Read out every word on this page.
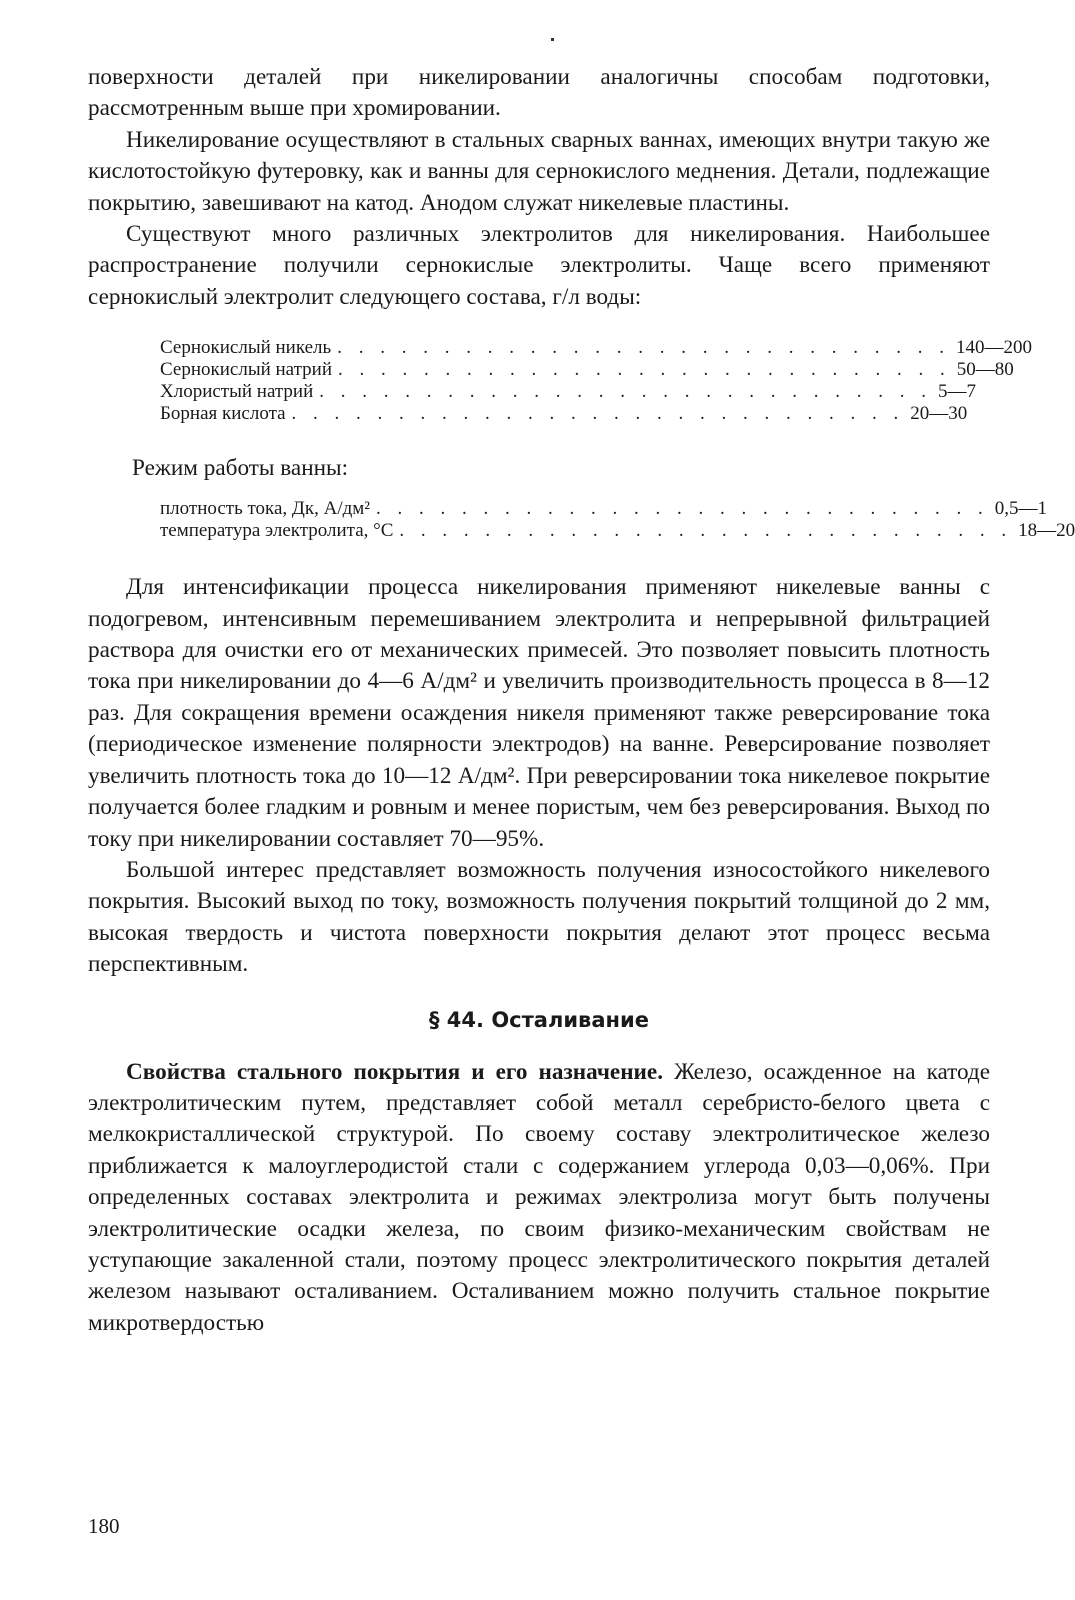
поверхности деталей при никелировании аналогичны способам подготовки, рассмотренным выше при хромировании.

Никелирование осуществляют в стальных сварных ваннах, имеющих внутри такую же кислотостойкую футеровку, как и ванны для сернокислого меднения. Детали, подлежащие покрытию, завешивают на катод. Анодом служат никелевые пластины.

Существуют много различных электролитов для никелирования. Наибольшее распространение получили сернокислые электролиты. Чаще всего применяют сернокислый электролит следующего состава, г/л воды:

Сернокислый никель . . . . . . . . . . . . . . . . . . . . . . . . . . . . . 140—200
Сернокислый натрий . . . . . . . . . . . . . . . . . . . . . . . . . . . . . 50—80
Хлористый натрий . . . . . . . . . . . . . . . . . . . . . . . . . . . . . 5—7
Борная кислота . . . . . . . . . . . . . . . . . . . . . . . . . . . . . 20—30
Режим работы ванны:
плотность тока, Дк, А/дм² . . . . . . . . . . . . . . . . . . . . . . . . . . . . . 0,5—1
температура электролита, °С . . . . . . . . . . . . . . . . . . . . . . . . . . . . . 18—20

Для интенсификации процесса никелирования применяют никелевые ванны с подогревом, интенсивным перемешиванием электролита и непрерывной фильтрацией раствора для очистки его от механических примесей. Это позволяет повысить плотность тока при никелировании до 4—6 А/дм² и увеличить производительность процесса в 8—12 раз. Для сокращения времени осаждения никеля применяют также реверсирование тока (периодическое изменение полярности электродов) на ванне. Реверсирование позволяет увеличить плотность тока до 10—12 А/дм². При реверсировании тока никелевое покрытие получается более гладким и ровным и менее пористым, чем без реверсирования. Выход по току при никелировании составляет 70—95%.

Большой интерес представляет возможность получения износостойкого никелевого покрытия. Высокий выход по току, возможность получения покрытий толщиной до 2 мм, высокая твердость и чистота поверхности покрытия делают этот процесс весьма перспективным.

§ 44. Осталивание

Свойства стального покрытия и его назначение. Железо, осажденное на катоде электролитическим путем, представляет собой металл серебристо-белого цвета с мелкокристаллической структурой. По своему составу электролитическое железо приближается к малоуглеродистой стали с содержанием углерода 0,03—0,06%. При определенных составах электролита и режимах электролиза могут быть получены электролитические осадки железа, по своим физико-механическим свойствам не уступающие закаленной стали, поэтому процесс электролитического покрытия деталей железом называют осталиванием. Осталиванием можно получить стальное покрытие микротвердостью

180
